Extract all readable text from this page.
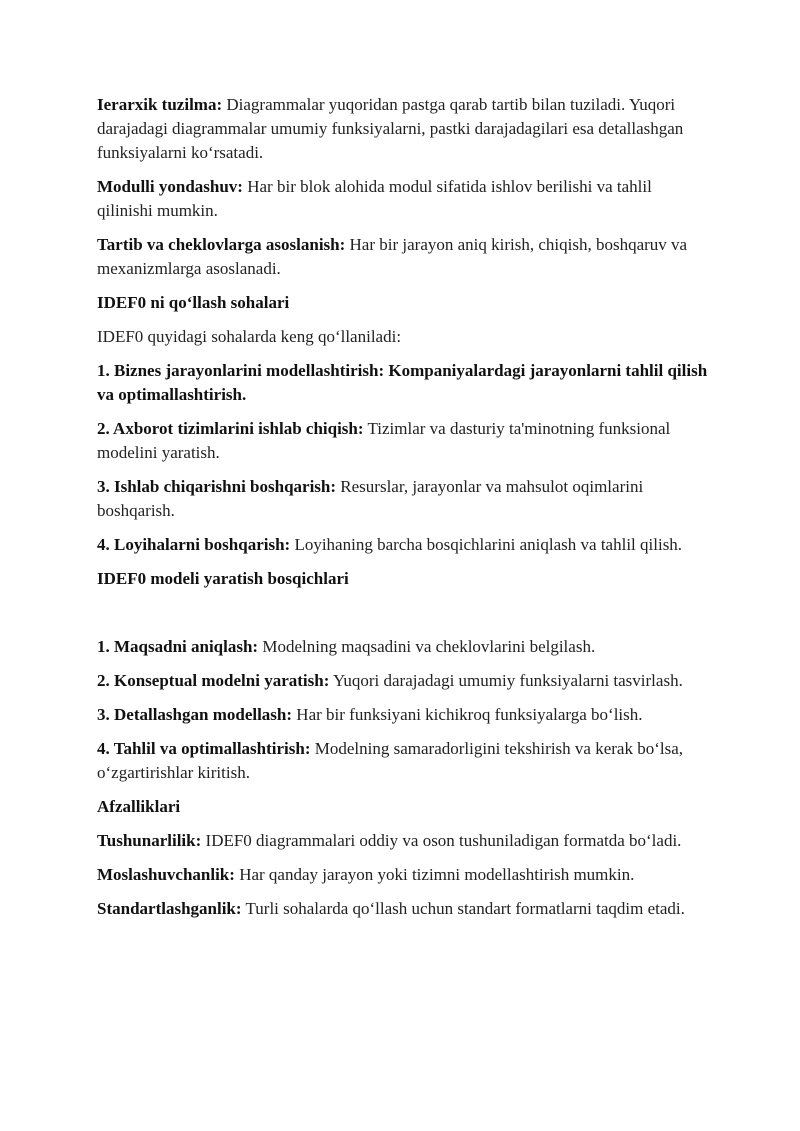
Ierarxik tuzilma: Diagrammalar yuqoridan pastga qarab tartib bilan tuziladi. Yuqori darajadagi diagrammalar umumiy funksiyalarni, pastki darajadagilari esa detallashgan funksiyalarni ko‘rsatadi.

Modulli yondashuv: Har bir blok alohida modul sifatida ishlov berilishi va tahlil qilinishi mumkin.

Tartib va cheklovlarga asoslanish: Har bir jarayon aniq kirish, chiqish, boshqaruv va mexanizmlarga asoslanadi.

IDEF0 ni qo‘llash sohalari

IDEF0 quyidagi sohalarda keng qo‘llaniladi:

1. Biznes jarayonlarini modellashtirish: Kompaniyalardagi jarayonlarni tahlil qilish va optimallashtirish.

2. Axborot tizimlarini ishlab chiqish: Tizimlar va dasturiy ta'minotning funksional modelini yaratish.

3. Ishlab chiqarishni boshqarish: Resurslar, jarayonlar va mahsulot oqimlarini boshqarish.

4. Loyihalarni boshqarish: Loyihaning barcha bosqichlarini aniqlash va tahlil qilish.

IDEF0 modeli yaratish bosqichlari

1. Maqsadni aniqlash: Modelning maqsadini va cheklovlarini belgilash.

2. Konseptual modelni yaratish: Yuqori darajadagi umumiy funksiyalarni tasvirlash.

3. Detallashgan modellash: Har bir funksiyani kichikroq funksiyalarga bo‘lish.

4. Tahlil va optimallashtirish: Modelning samaradorligini tekshirish va kerak bo‘lsa, o‘zgartirishlar kiritish.

Afzalliklari

Tushunarlilik: IDEF0 diagrammalari oddiy va oson tushuniladigan formatda bo‘ladi.

Moslashuvchanlik: Har qanday jarayon yoki tizimni modellashtirish mumkin.

Standartlashganlik: Turli sohalarda qo‘llash uchun standart formatlarni taqdim etadi.
